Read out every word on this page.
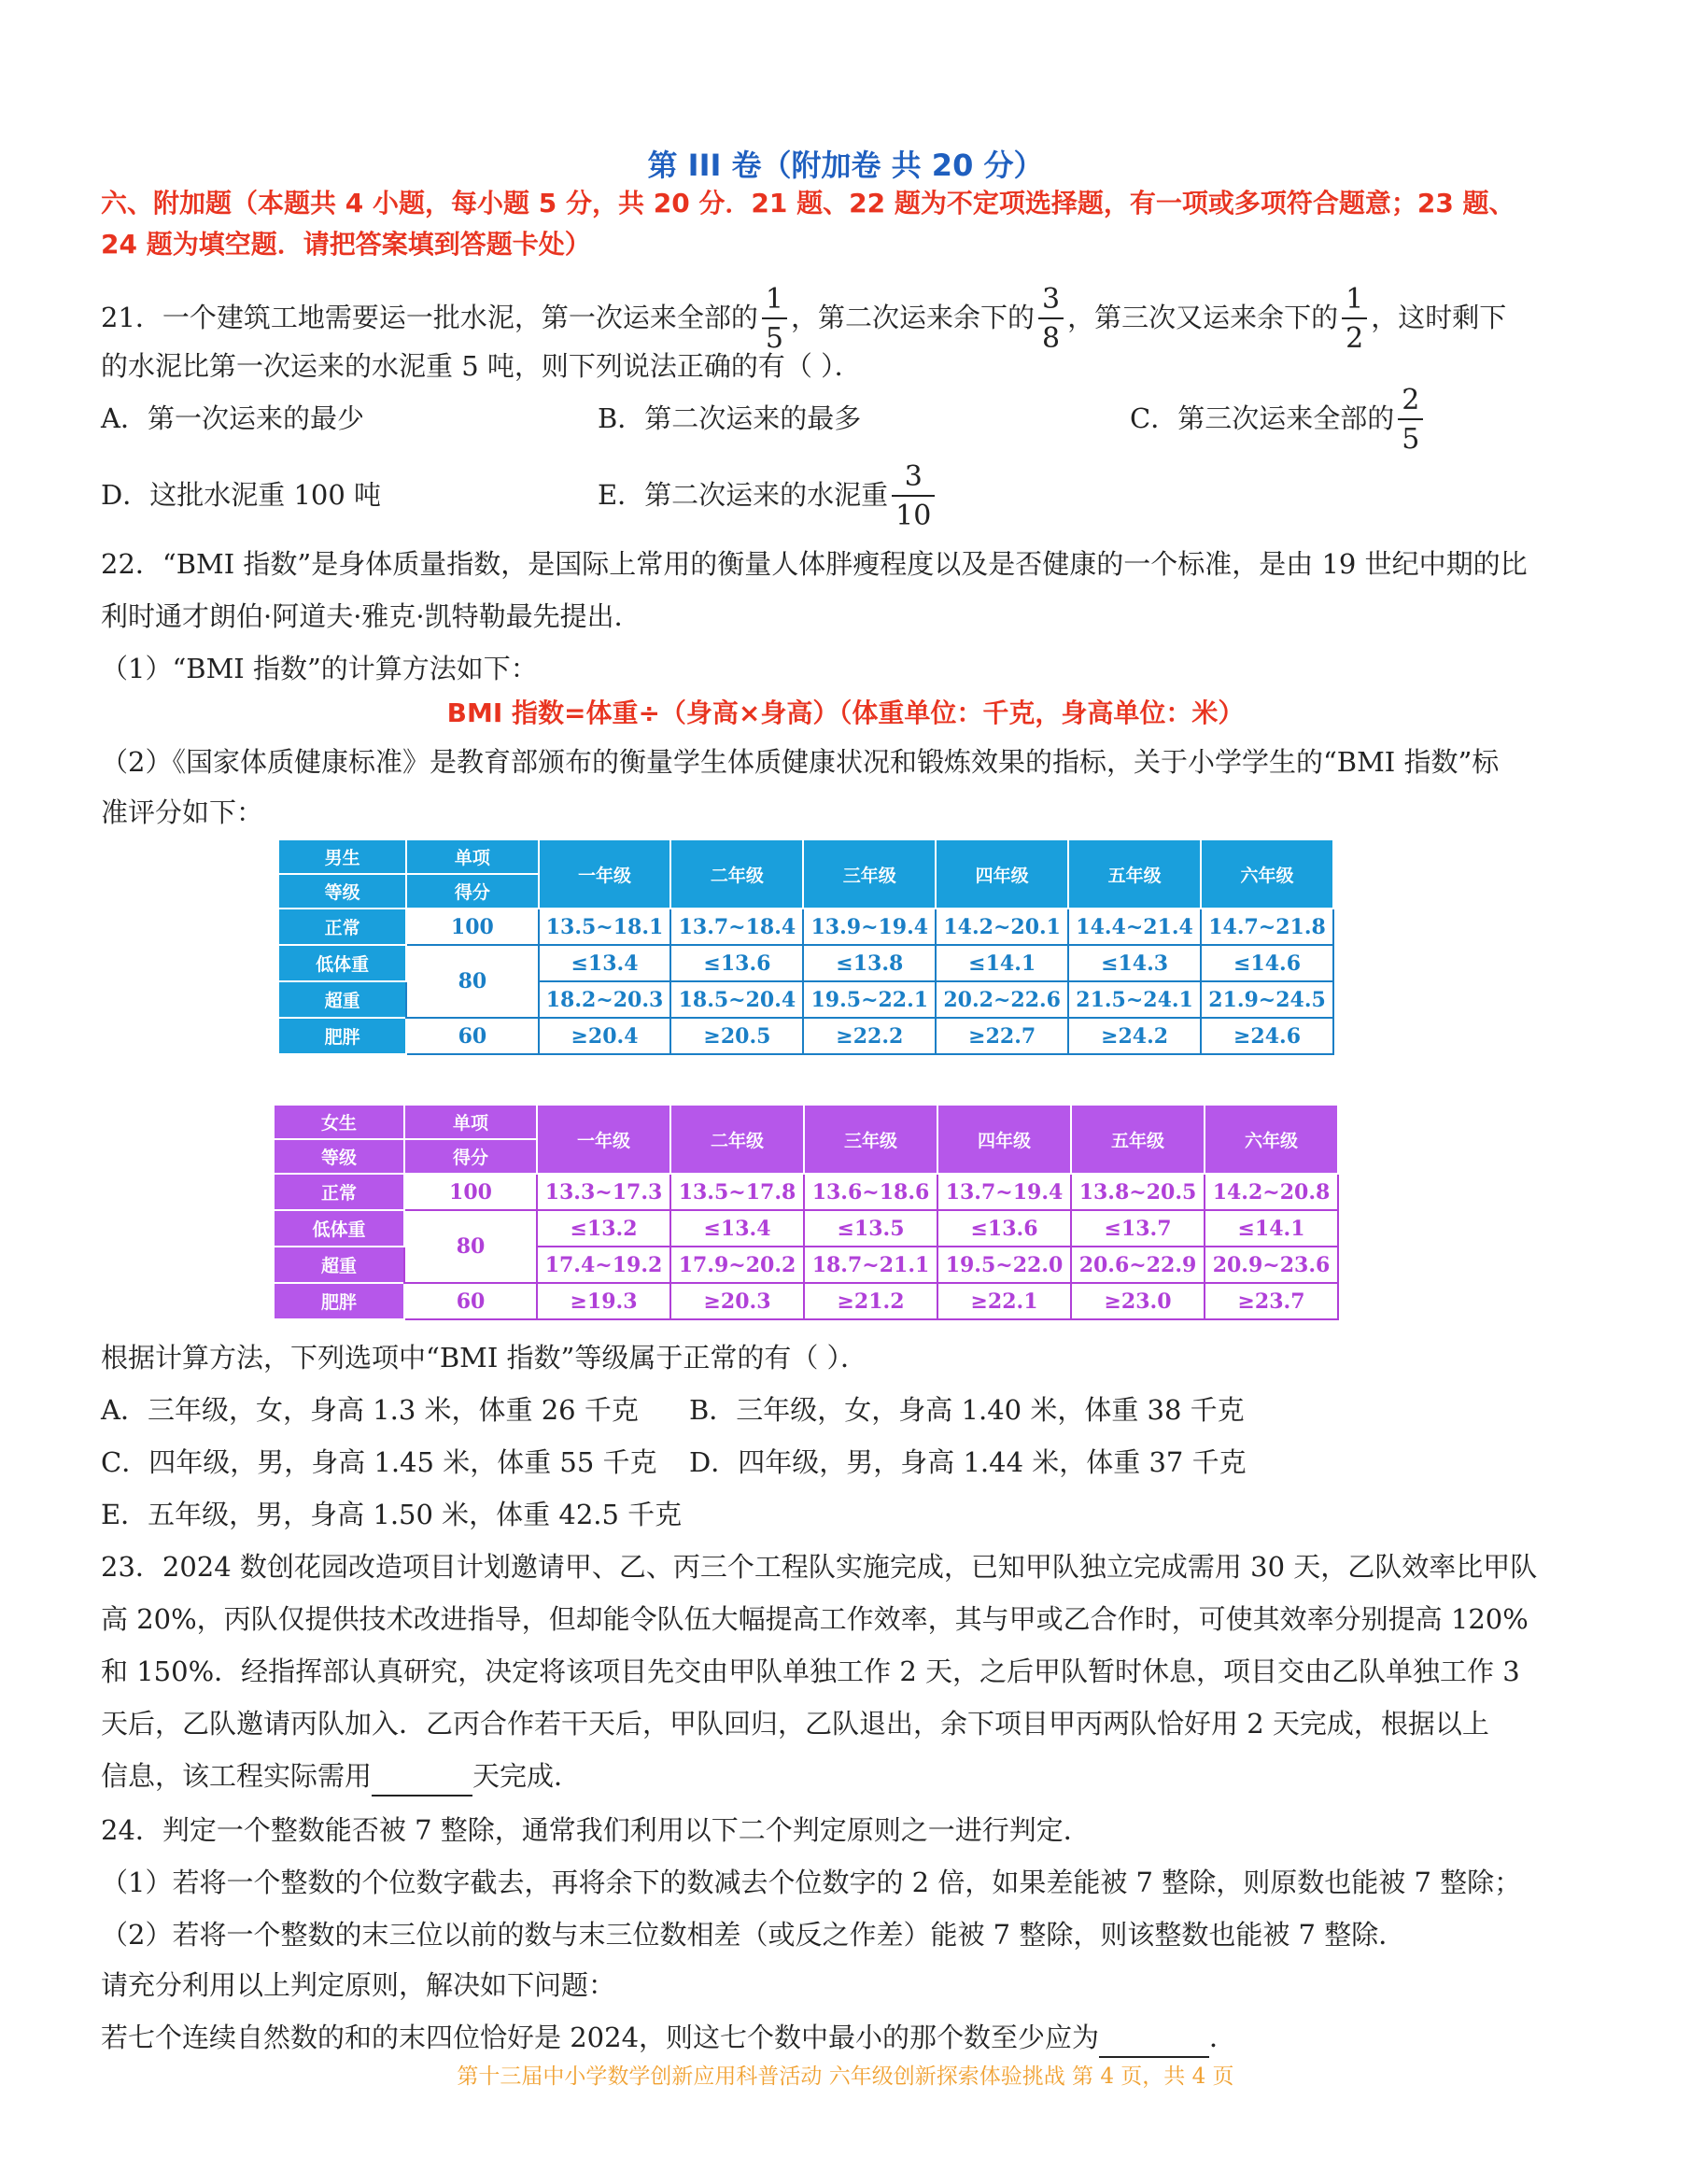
第 III 卷（附加卷 共 20 分）
六、附加题（本题共 4 小题，每小题 5 分，共 20 分．21 题、22 题为不定项选择题，有一项或多项符合题意；23 题、
24 题为填空题．请把答案填到答题卡处）
21．一个建筑工地需要运一批水泥，第一次运来全部的 $\frac{1}{5}$ ，第二次运来余下的 $\frac{3}{8}$ ，第三次又运来余下的 $\frac{1}{2}$ ，这时剩下
的水泥比第一次运来的水泥重 5 吨，则下列说法正确的有（ ）．
A．第一次运来的最少	B．第二次运来的最多	C．第三次运来全部的 $\frac{2}{5}$
D．这批水泥重 100 吨	E．第二次运来的水泥重 $\frac{3}{10}$
22．“BMI 指数”是身体质量指数，是国际上常用的衡量人体胖瘦程度以及是否健康的一个标准，是由 19 世纪中期的比
利时通才朗伯·阿道夫·雅克·凯特勒最先提出．
（1）“BMI 指数”的计算方法如下：
BMI 指数=体重÷（身高×身高）（体重单位：千克，身高单位：米）
（2）《国家体质健康标准》是教育部颁布的衡量学生体质健康状况和锻炼效果的指标，关于小学学生的“BMI 指数”标
准评分如下：
男生	单项	一年级	二年级	三年级	四年级	五年级	六年级
等级	得分						
正常	100	13.5~18.1	13.7~18.4	13.9~19.4	14.2~20.1	14.4~21.4	14.7~21.8
低体重	80	≤13.4	≤13.6	≤13.8	≤14.1	≤14.3	≤14.6
超重		18.2~20.3	18.5~20.4	19.5~22.1	20.2~22.6	21.5~24.1	21.9~24.5
肥胖	60	≥20.4	≥20.5	≥22.2	≥22.7	≥24.2	≥24.6
女生	单项	一年级	二年级	三年级	四年级	五年级	六年级
等级	得分						
正常	100	13.3~17.3	13.5~17.8	13.6~18.6	13.7~19.4	13.8~20.5	14.2~20.8
低体重	80	≤13.2	≤13.4	≤13.5	≤13.6	≤13.7	≤14.1
超重		17.4~19.2	17.9~20.2	18.7~21.1	19.5~22.0	20.6~22.9	20.9~23.6
肥胖	60	≥19.3	≥20.3	≥21.2	≥22.1	≥23.0	≥23.7
根据计算方法，下列选项中“BMI 指数”等级属于正常的有（ ）．
A．三年级，女，身高 1.3 米，体重 26 千克 B．三年级，女，身高 1.40 米，体重 38 千克
C．四年级，男，身高 1.45 米，体重 55 千克 D．四年级，男，身高 1.44 米，体重 37 千克
E．五年级，男，身高 1.50 米，体重 42.5 千克
23．2024 数创花园改造项目计划邀请甲、乙、丙三个工程队实施完成，已知甲队独立完成需用 30 天，乙队效率比甲队
高 20%，丙队仅提供技术改进指导，但却能令队伍大幅提高工作效率，其与甲或乙合作时，可使其效率分别提高 120%
和 150%．经指挥部认真研究，决定将该项目先交由甲队单独工作 2 天，之后甲队暂时休息，项目交由乙队单独工作 3
天后，乙队邀请丙队加入．乙丙合作若干天后，甲队回归，乙队退出，余下项目甲丙两队恰好用 2 天完成，根据以上
信息，该工程实际需用	天完成．
24．判定一个整数能否被 7 整除，通常我们利用以下二个判定原则之一进行判定．
（1）若将一个整数的个位数字截去，再将余下的数减去个位数字的 2 倍，如果差能被 7 整除，则原数也能被 7 整除；
（2）若将一个整数的末三位以前的数与末三位数相差（或反之作差）能被 7 整除，则该整数也能被 7 整除．
请充分利用以上判定原则，解决如下问题：
若七个连续自然数的和的末四位恰好是 2024，则这七个数中最小的那个数至少应为	．
第十三届中小学数学创新应用科普活动 六年级创新探索体验挑战 第 4 页，共 4 页
